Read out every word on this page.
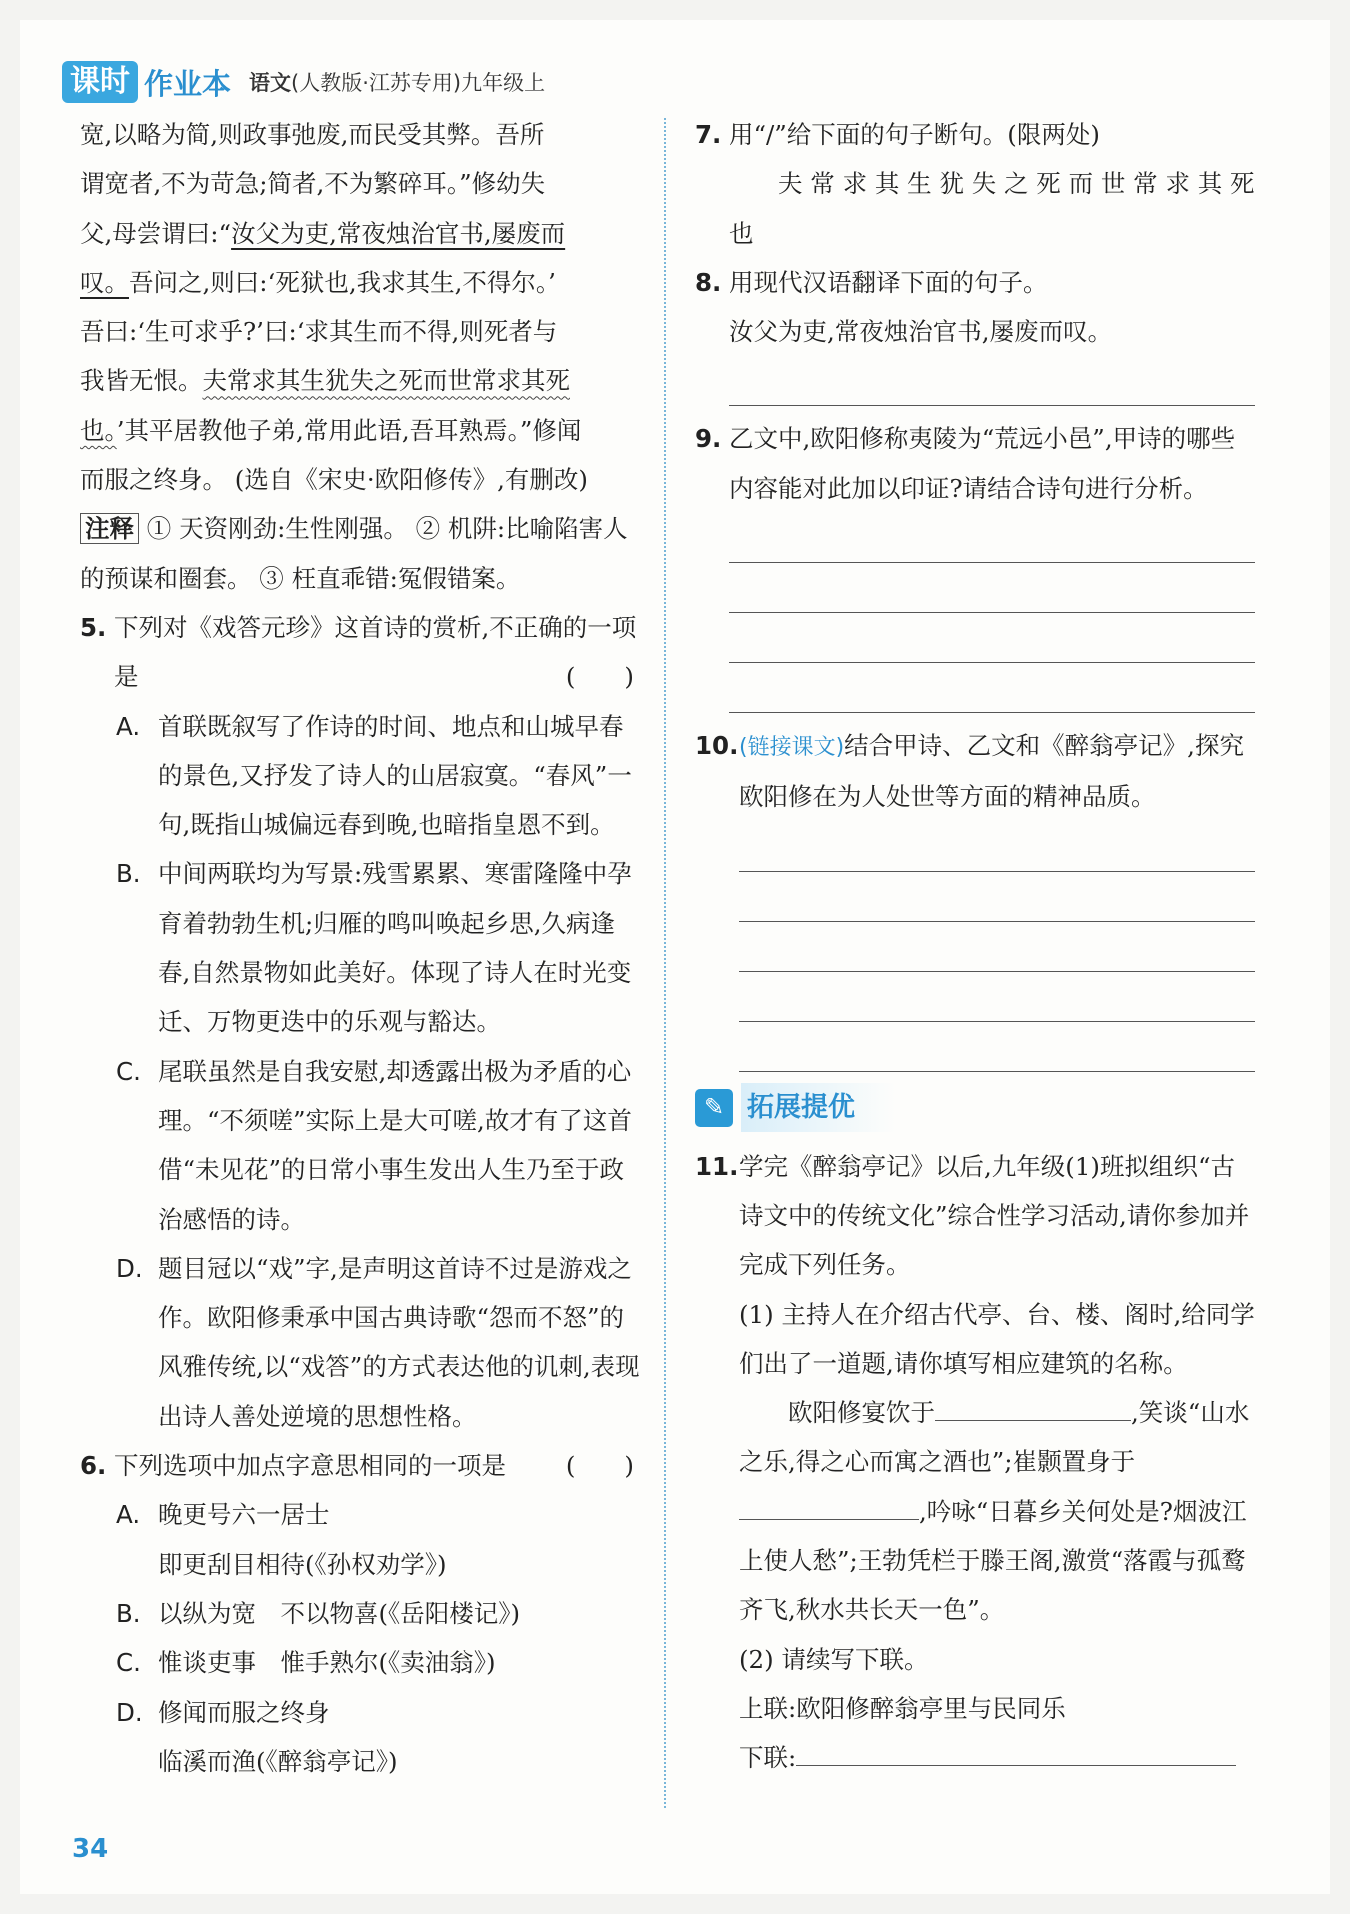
课时 作业本 语文(人教版·江苏专用)九年级上

宽,以略为简,则政事弛废,而民受其弊。吾所

谓宽者,不为苛急;简者,不为繁碎耳。”修幼失

父,母尝谓曰:“汝父为吏,常夜烛治官书,屡废而

叹。吾问之,则曰:‘死狱也,我求其生,不得尔。’

吾曰:‘生可求乎?’曰:‘求其生而不得,则死者与

我皆无恨。夫常求其生犹失之死而世常求其死

也。’其平居教他子弟,常用此语,吾耳熟焉。”修闻

而服之终身。 (选自《宋史·欧阳修传》,有删改)

注释 ① 天资刚劲:生性刚强。 ② 机阱:比喻陷害人的预谋和圈套。 ③ 枉直乖错:冤假错案。

5. 下列对《戏答元珍》这首诗的赏析,不正确的一项是	(　　)
A. 首联既叙写了作诗的时间、地点和山城早春的景色,又抒发了诗人的山居寂寞。“春风”一句,既指山城偏远春到晚,也暗指皇恩不到。
B. 中间两联均为写景:残雪累累、寒雷隆隆中孕育着勃勃生机;归雁的鸣叫唤起乡思,久病逢春,自然景物如此美好。体现了诗人在时光变迁、万物更迭中的乐观与豁达。
C. 尾联虽然是自我安慰,却透露出极为矛盾的心理。“不须嗟”实际上是大可嗟,故才有了这首借“未见花”的日常小事生发出人生乃至于政治感悟的诗。
D. 题目冠以“戏”字,是声明这首诗不过是游戏之作。欧阳修秉承中国古典诗歌“怨而不怒”的风雅传统,以“戏答”的方式表达他的讥刺,表现出诗人善处逆境的思想性格。
6. 下列选项中加点字意思相同的一项是 (　　)
A. 晚更号六一居士
即更刮目相待(《孙权劝学》)
B. 以纵为宽　不以物喜(《岳阳楼记》)
C. 惟谈吏事　惟手熟尔(《卖油翁》)
D. 修闻而服之终身
临溪而渔(《醉翁亭记》)
7. 用“/”给下面的句子断句。(限两处)

夫 常 求 其 生 犹 失 之 死 而 世 常 求 其 死 也

8. 用现代汉语翻译下面的句子。

汝父为吏,常夜烛治官书,屡废而叹。

9. 乙文中,欧阳修称夷陵为“荒远小邑”,甲诗的哪些内容能对此加以印证?请结合诗句进行分析。
10. (链接课文)结合甲诗、乙文和《醉翁亭记》,探究欧阳修在为人处世等方面的精神品质。
✎ 拓展提优
11. 学完《醉翁亭记》以后,九年级(1)班拟组织“古诗文中的传统文化”综合性学习活动,请你参加并完成下列任务。

(1) 主持人在介绍古代亭、台、楼、阁时,给同学们出了一道题,请你填写相应建筑的名称。

欧阳修宴饮于	,笑谈“山水之乐,得之心而寓之酒也”;崔颢置身于,吟咏“日暮乡关何处是?烟波江上使人愁”;王勃凭栏于滕王阁,激赏“落霞与孤鹜齐飞,秋水共长天一色”。

(2) 请续写下联。

上联:欧阳修醉翁亭里与民同乐

下联:

34
